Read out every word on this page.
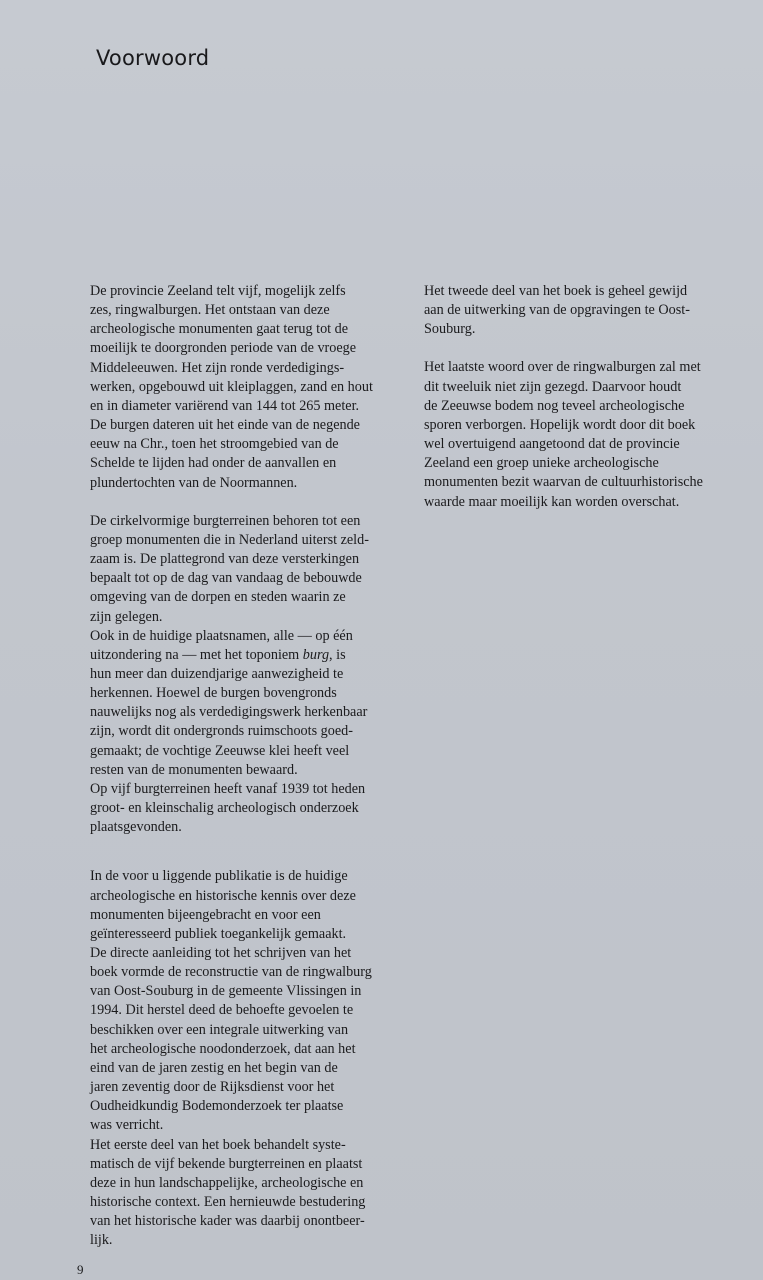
Voorwoord
De provincie Zeeland telt vijf, mogelijk zelfs
zes, ringwalburgen. Het ontstaan van deze
archeologische monumenten gaat terug tot de
moeilijk te doorgronden periode van de vroege
Middeleeuwen. Het zijn ronde verdedigings-
werken, opgebouwd uit kleiplaggen, zand en hout
en in diameter variërend van 144 tot 265 meter.
De burgen dateren uit het einde van de negende
eeuw na Chr., toen het stroomgebied van de
Schelde te lijden had onder de aanvallen en
plundertochten van de Noormannen.
De cirkelvormige burgterreinen behoren tot een
groep monumenten die in Nederland uiterst zeld-
zaam is. De plattegrond van deze versterkingen
bepaalt tot op de dag van vandaag de bebouwde
omgeving van de dorpen en steden waarin ze
zijn gelegen.
Ook in de huidige plaatsnamen, alle — op één
uitzondering na — met het toponiem burg, is
hun meer dan duizendjarige aanwezigheid te
herkennen. Hoewel de burgen bovengronds
nauwelijks nog als verdedigingswerk herkenbaar
zijn, wordt dit ondergronds ruimschoots goed-
gemaakt; de vochtige Zeeuwse klei heeft veel
resten van de monumenten bewaard.
Op vijf burgterreinen heeft vanaf 1939 tot heden
groot- en kleinschalig archeologisch onderzoek
plaatsgevonden.
In de voor u liggende publikatie is de huidige
archeologische en historische kennis over deze
monumenten bijeengebracht en voor een
geïnteresseerd publiek toegankelijk gemaakt.
De directe aanleiding tot het schrijven van het
boek vormde de reconstructie van de ringwalburg
van Oost-Souburg in de gemeente Vlissingen in
1994. Dit herstel deed de behoefte gevoelen te
beschikken over een integrale uitwerking van
het archeologische noodonderzoek, dat aan het
eind van de jaren zestig en het begin van de
jaren zeventig door de Rijksdienst voor het
Oudheidkundig Bodemonderzoek ter plaatse
was verricht.
Het eerste deel van het boek behandelt syste-
matisch de vijf bekende burgterreinen en plaatst
deze in hun landschappelijke, archeologische en
historische context. Een hernieuwde bestudering
van het historische kader was daarbij onontbeer-
lijk.
Het tweede deel van het boek is geheel gewijd
aan de uitwerking van de opgravingen te Oost-
Souburg.
Het laatste woord over de ringwalburgen zal met
dit tweeluik niet zijn gezegd. Daarvoor houdt
de Zeeuwse bodem nog teveel archeologische
sporen verborgen. Hopelijk wordt door dit boek
wel overtuigend aangetoond dat de provincie
Zeeland een groep unieke archeologische
monumenten bezit waarvan de cultuurhistorische
waarde maar moeilijk kan worden overschat.
9
